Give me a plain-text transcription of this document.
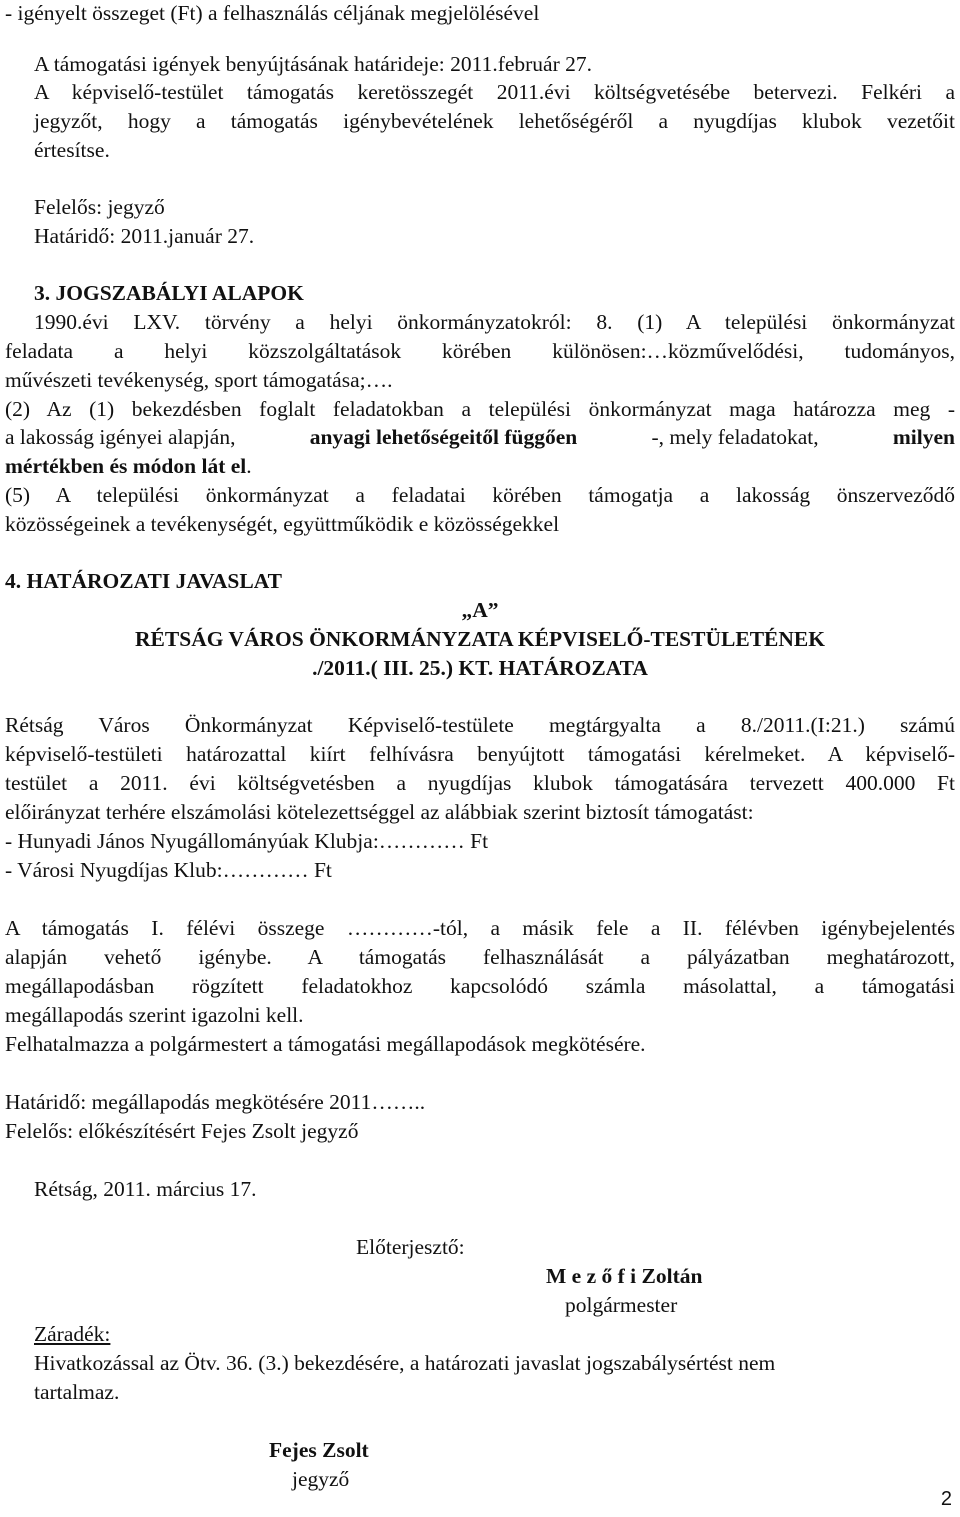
- igényelt összeget (Ft) a felhasználás céljának megjelölésével
A támogatási igények benyújtásának határideje: 2011.február 27.
A képviselő-testület támogatás keretösszegét 2011.évi költségvetésébe betervezi. Felkéri a
jegyzőt, hogy a támogatás igénybevételének lehetőségéről a nyugdíjas klubok vezetőit
értesítse.
Felelős: jegyző
Határidő: 2011.január 27.
3. JOGSZABÁLYI ALAPOK
1990.évi LXV. törvény a helyi önkormányzatokról: 8. (1) A települési önkormányzat
feladata a helyi közszolgáltatások körében különösen:…közművelődési, tudományos,
művészeti tevékenység, sport támogatása;….
(2) Az (1) bekezdésben foglalt feladatokban a települési önkormányzat maga határozza meg -
a lakosság igényei alapján,	anyagi lehetőségeitől függően	-, mely feladatokat,	milyen
mértékben és módon lát el.
(5) A települési önkormányzat a feladatai körében támogatja a lakosság önszerveződő
közösségeinek a tevékenységét, együttműködik e közösségekkel
4. HATÁROZATI JAVASLAT
„A”
RÉTSÁG VÁROS ÖNKORMÁNYZATA KÉPVISELŐ-TESTÜLETÉNEK
./2011.( III. 25.) KT. HATÁROZATA
Rétság Város Önkormányzat Képviselő-testülete megtárgyalta a 8./2011.(I:21.) számú
képviselő-testületi határozattal kiírt felhívásra benyújtott támogatási kérelmeket. A képviselő-
testület a 2011. évi költségvetésben a nyugdíjas klubok támogatására tervezett 400.000 Ft
előirányzat terhére elszámolási kötelezettséggel az alábbiak szerint biztosít támogatást:
- Hunyadi János Nyugállományúak Klubja:………… Ft
- Városi Nyugdíjas Klub:………… Ft
A támogatás I. félévi összege …………-tól, a másik fele a II. félévben igénybejelentés
alapján vehető igénybe. A támogatás felhasználását a pályázatban meghatározott,
megállapodásban rögzített feladatokhoz kapcsolódó számla másolattal, a támogatási
megállapodás szerint igazolni kell.
Felhatalmazza a polgármestert a támogatási megállapodások megkötésére.
Határidő: megállapodás megkötésére 2011……..
Felelős: előkészítésért Fejes Zsolt jegyző
Rétság, 2011. március 17.
Előterjesztő:
M e z ő f i Zoltán
polgármester
Záradék:
Hivatkozással az Ötv. 36. (3.) bekezdésére, a határozati javaslat jogszabálysértést nem
tartalmaz.
Fejes Zsolt
jegyző
2
